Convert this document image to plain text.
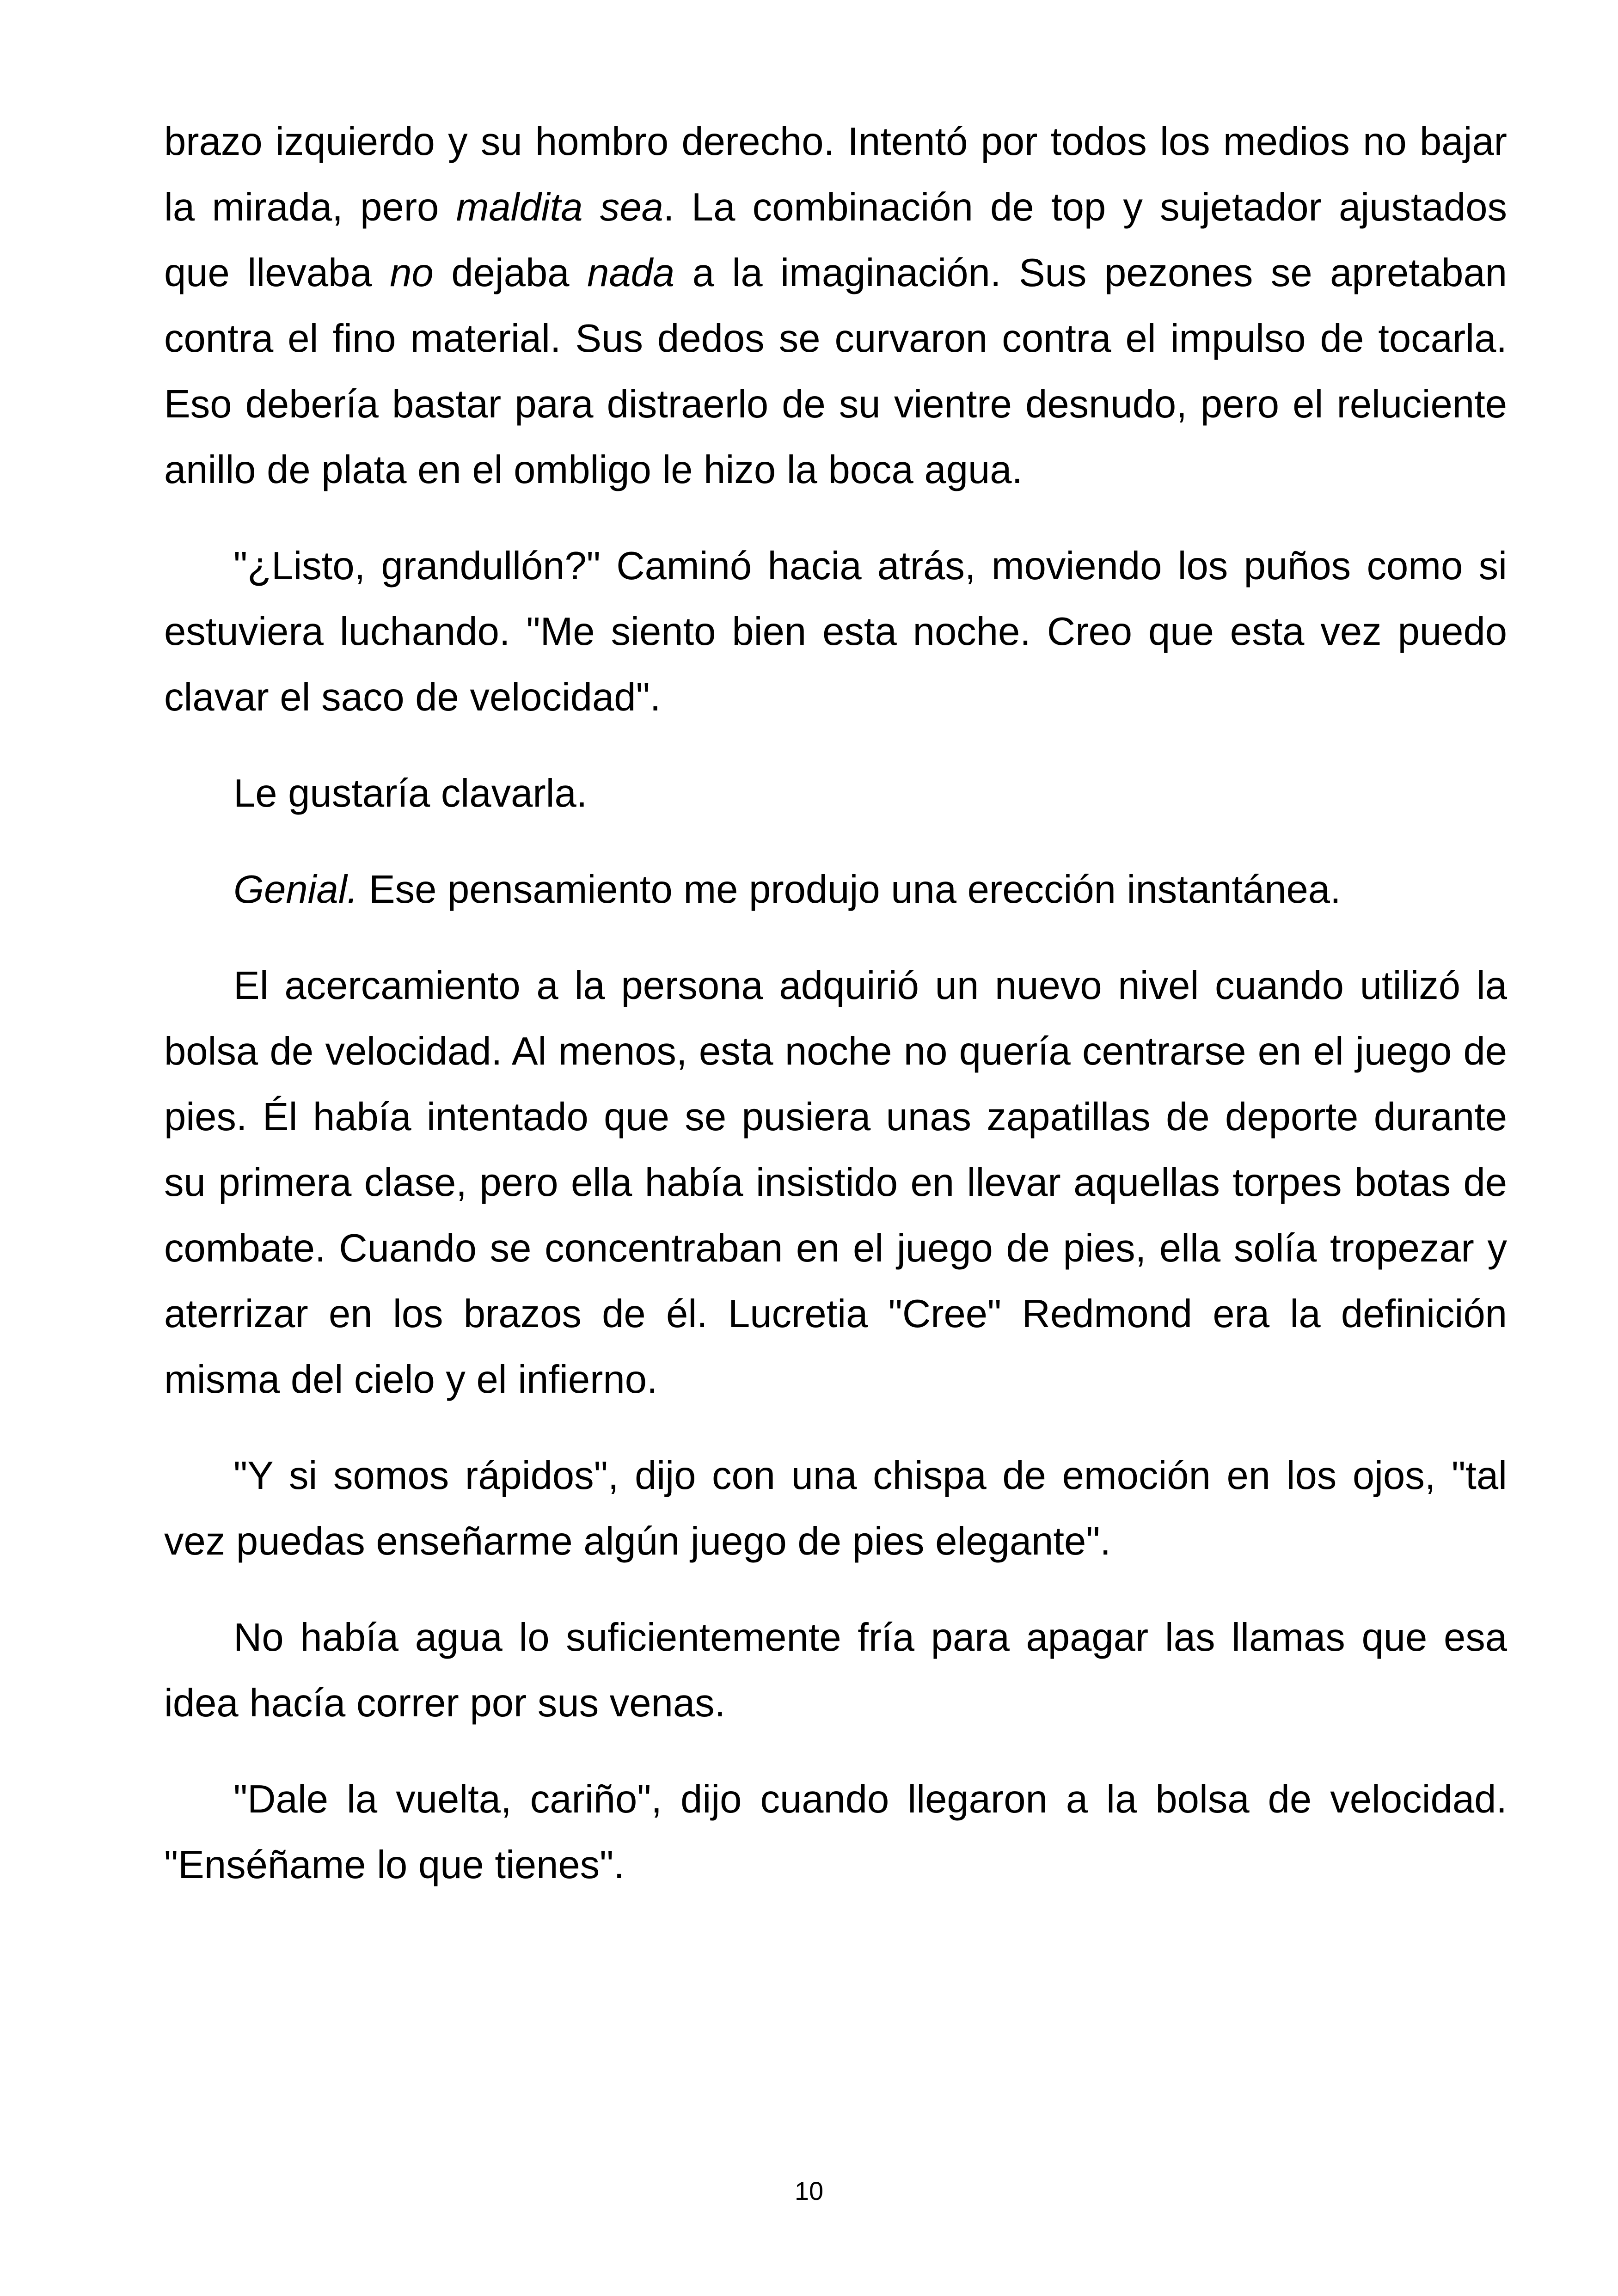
brazo izquierdo y su hombro derecho. Intentó por todos los medios no bajar la mirada, pero maldita sea. La combinación de top y sujetador ajustados que llevaba no dejaba nada a la imaginación. Sus pezones se apretaban contra el fino material. Sus dedos se curvaron contra el impulso de tocarla. Eso debería bastar para distraerlo de su vientre desnudo, pero el reluciente anillo de plata en el ombligo le hizo la boca agua.

"¿Listo, grandullón?" Caminó hacia atrás, moviendo los puños como si estuviera luchando. "Me siento bien esta noche. Creo que esta vez puedo clavar el saco de velocidad".

Le gustaría clavarla.

Genial. Ese pensamiento me produjo una erección instantánea.

El acercamiento a la persona adquirió un nuevo nivel cuando utilizó la bolsa de velocidad. Al menos, esta noche no quería centrarse en el juego de pies. Él había intentado que se pusiera unas zapatillas de deporte durante su primera clase, pero ella había insistido en llevar aquellas torpes botas de combate. Cuando se concentraban en el juego de pies, ella solía tropezar y aterrizar en los brazos de él. Lucretia "Cree" Redmond era la definición misma del cielo y el infierno.

"Y si somos rápidos", dijo con una chispa de emoción en los ojos, "tal vez puedas enseñarme algún juego de pies elegante".

No había agua lo suficientemente fría para apagar las llamas que esa idea hacía correr por sus venas.

"Dale la vuelta, cariño", dijo cuando llegaron a la bolsa de velocidad. "Enséñame lo que tienes".

10
